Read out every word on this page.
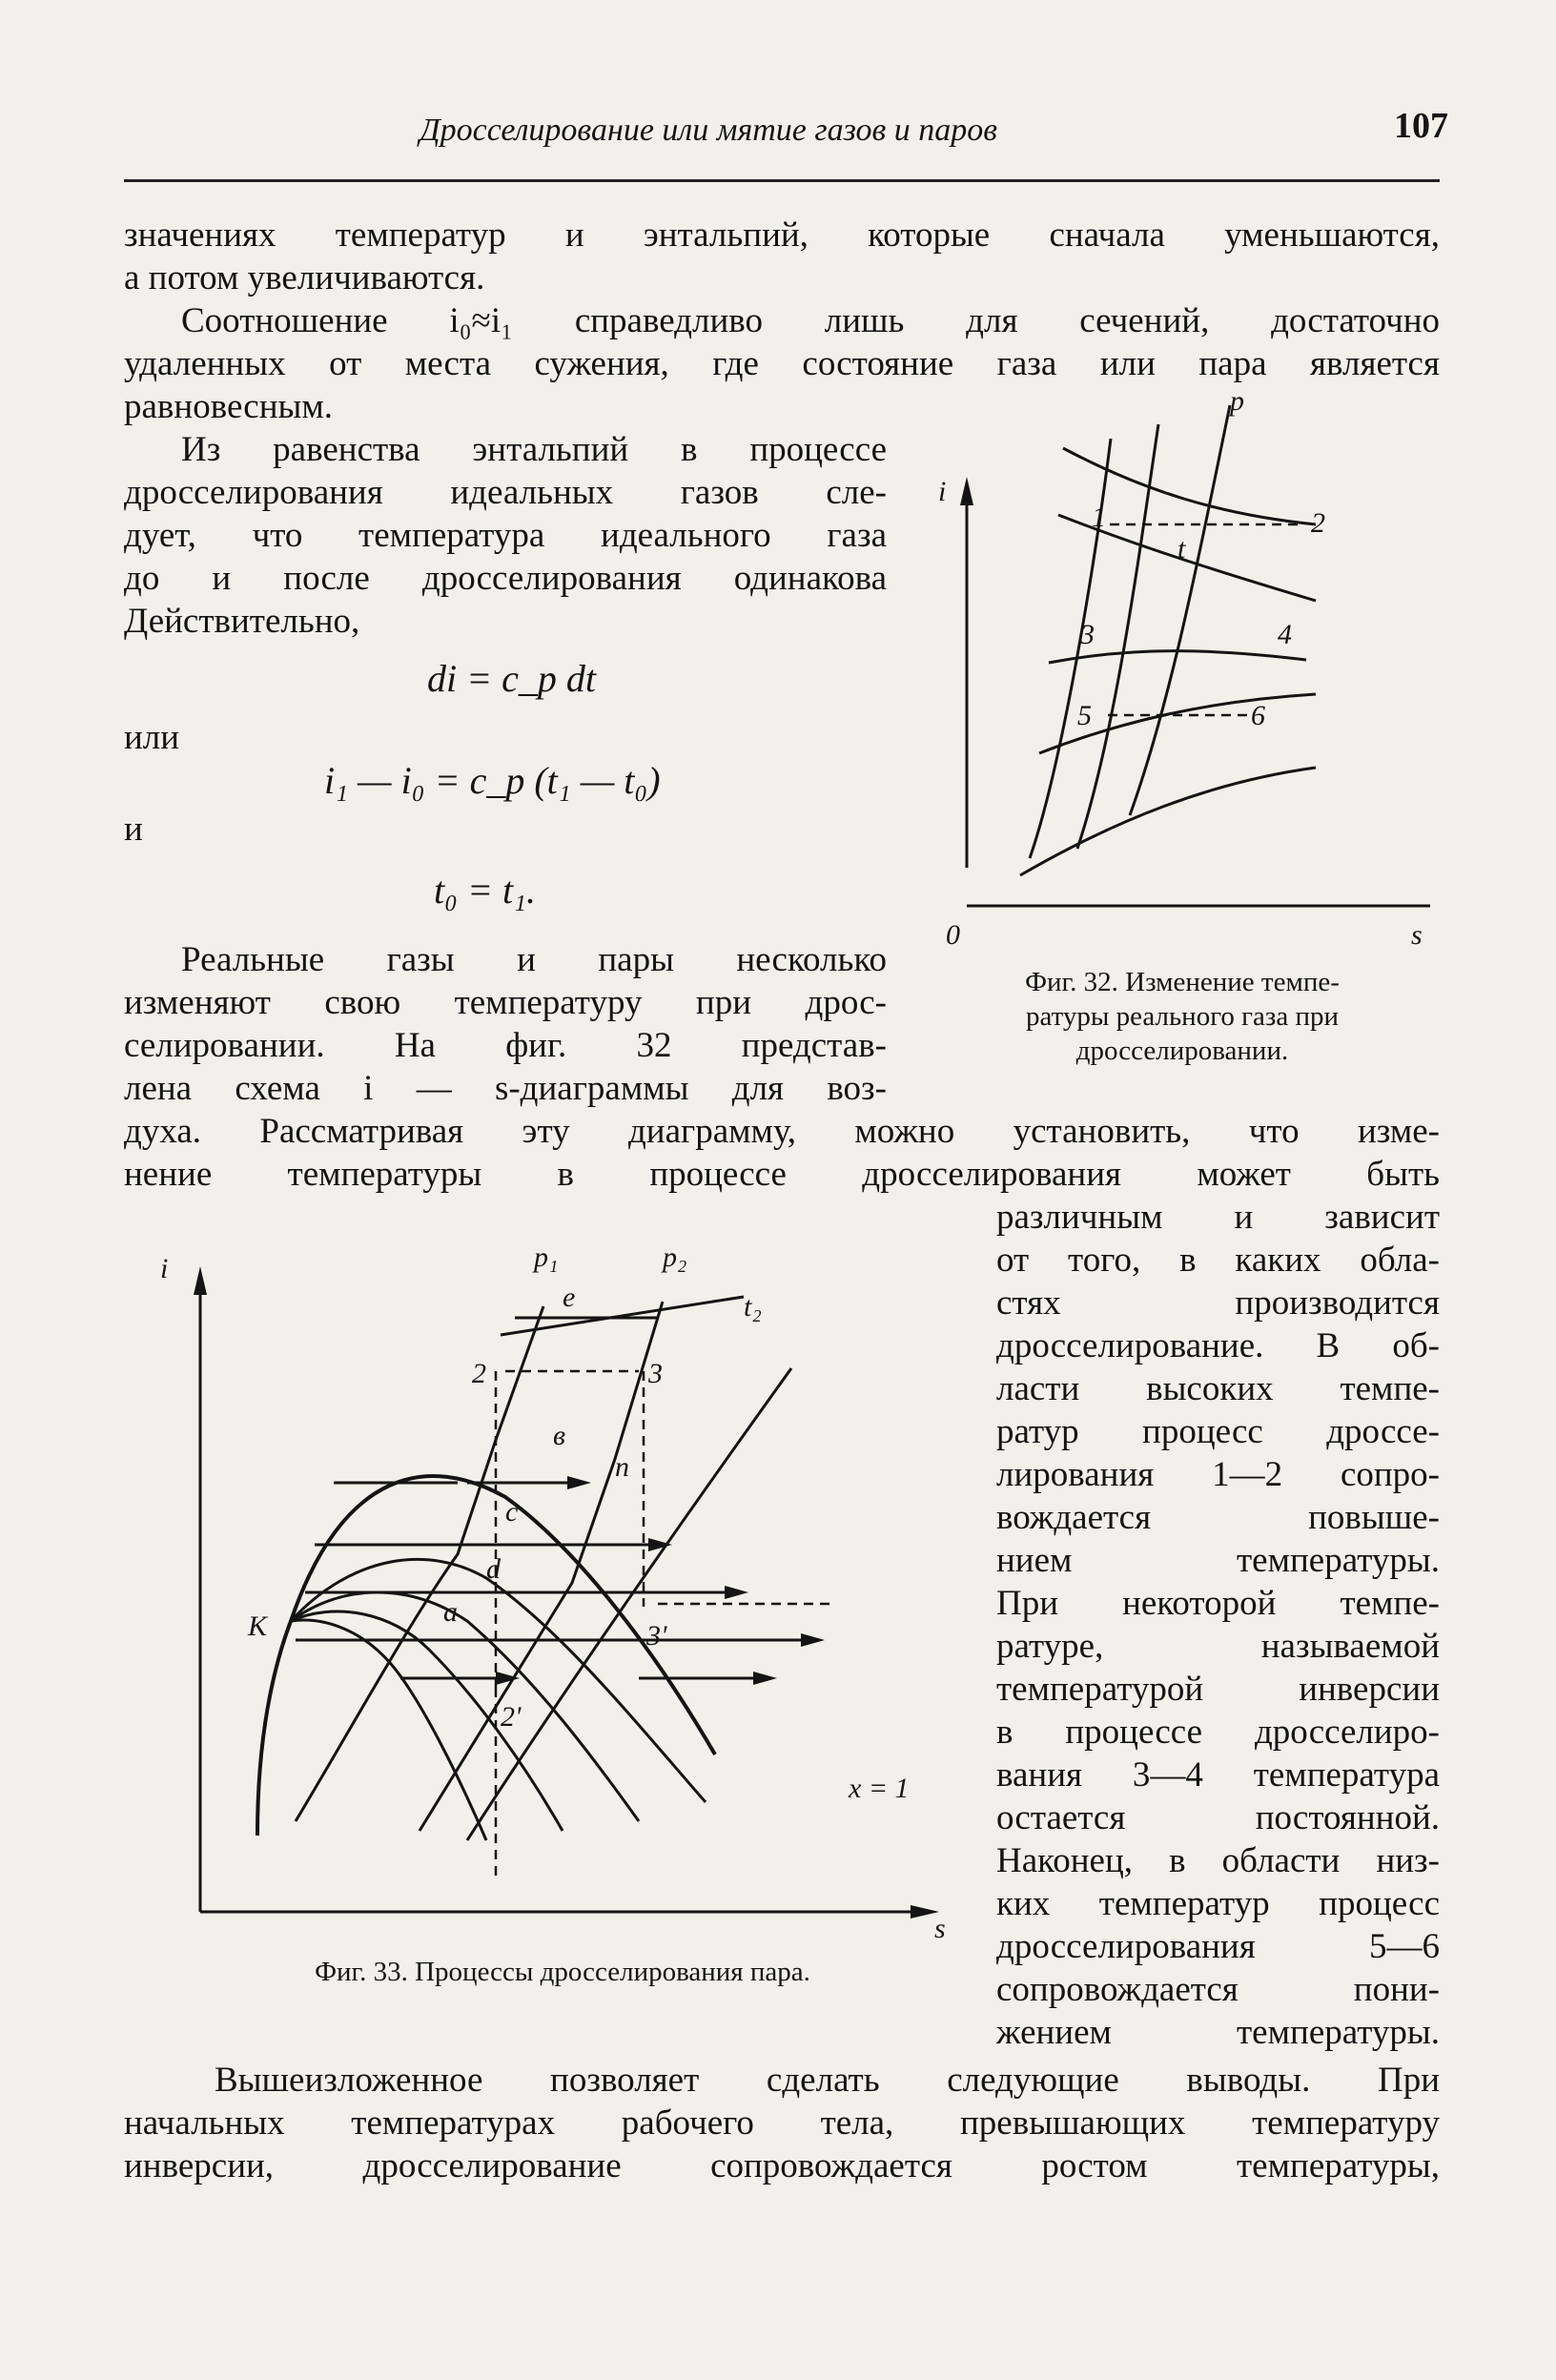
Дросселирование или мятие газов и паров	107
значениях температур и энтальпий, которые сначала уменьшаются,
а потом увеличиваются.
Соотношение i₀≈i₁ справедливо лишь для сечений, достаточно
удаленных от места сужения, где состояние газа или пара является
равновесным.
Из равенства энтальпий в процессе
дросселирования идеальных газов сле-
дует, что температура идеального газа
до и после дросселирования одинакова
Действительно,
di = c_p dt
или
i₁ — i₀ = c_p (t₁ — t₀)
и
t₀ = t₁.
Реальные газы и пары несколько
изменяют свою температуру при дрос-
селировании. На фиг. 32 представ-
лена схема i — s-диаграммы для воз-
духа. Рассматривая эту диаграмму, можно установить, что изме-
нение температуры в процессе дросселирования может быть
i
p
t
0	s
1	2
3	4
5	6
Фиг. 32. Изменение темпе-
ратуры реального газа при
дросселировании.
i
s
p₁	p₂
t₂
e
2	3
в
n
c
d
a
K	3'
2'
x = 1
Фиг. 33. Процессы дросселирования пара.
различным и зависит
от того, в каких обла-
стях производится
дросселирование. В об-
ласти высоких темпе-
ратур процесс дроссе-
лирования 1—2 сопро-
вождается повыше-
нием температуры.
При некоторой темпе-
ратуре, называемой
температурой инверсии
в процессе дросселиро-
вания 3—4 температура
остается постоянной.
Наконец, в области низ-
ких температур процесс
дросселирования 5—6
сопровождается пони-
жением температуры.
Вышеизложенное позволяет сделать следующие выводы. При
начальных температурах рабочего тела, превышающих температуру
инверсии, дросселирование сопровождается ростом температуры,
